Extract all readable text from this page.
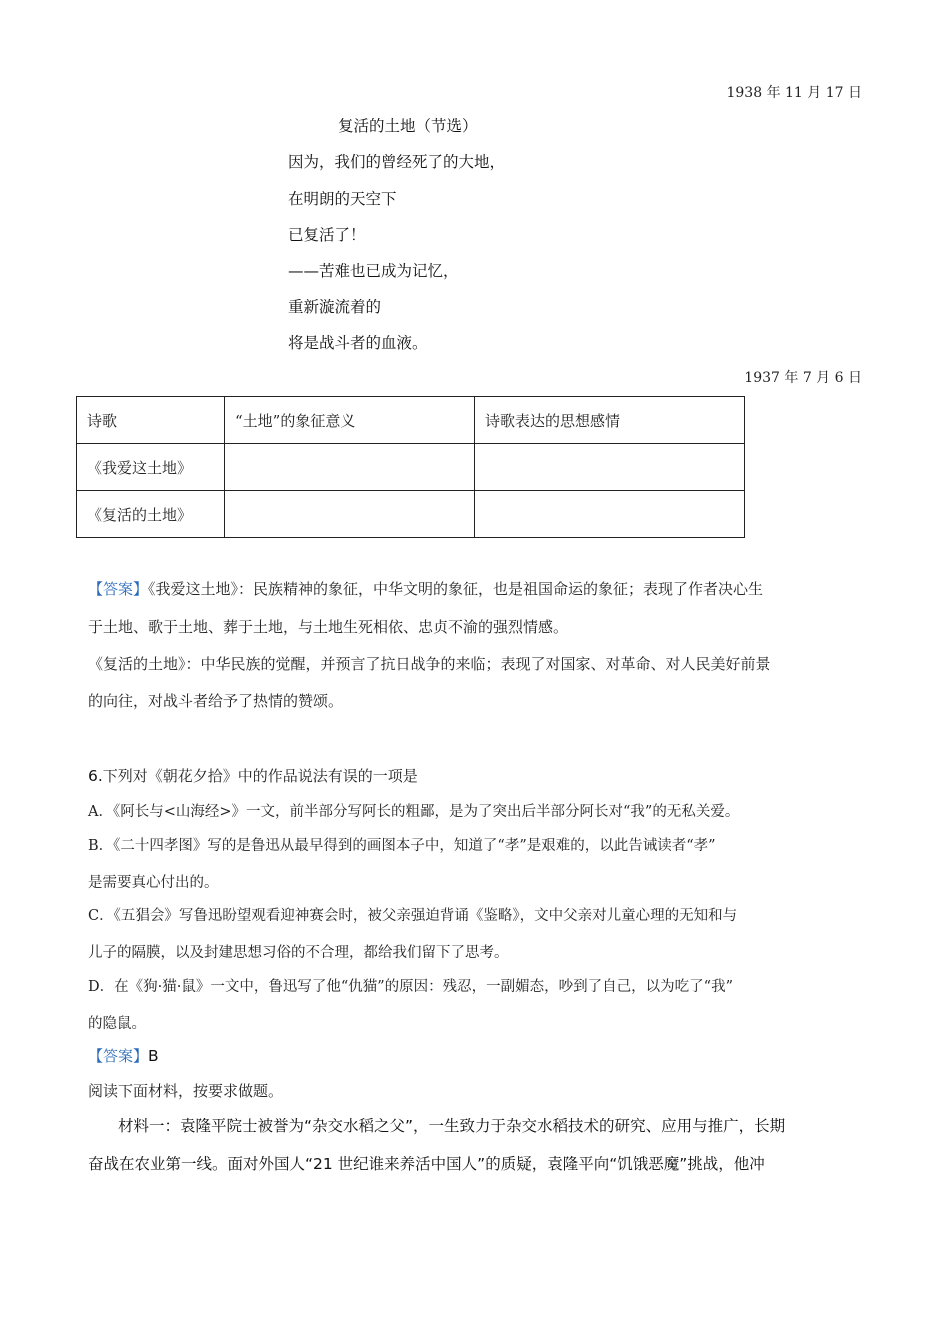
1938 年 11 月 17 日
复活的土地（节选）
因为，我们的曾经死了的大地，
在明朗的天空下
已复活了！
——苦难也已成为记忆，
重新漩流着的
将是战斗者的血液。
1937 年 7 月 6 日
诗歌	“土地”的象征意义	诗歌表达的思想感情
《我爱这土地》		
《复活的土地》		
【答案】《我爱这土地》：民族精神的象征，中华文明的象征，也是祖国命运的象征；表现了作者决心生
于土地、歌于土地、葬于土地，与土地生死相依、忠贞不渝的强烈情感。
《复活的土地》：中华民族的觉醒，并预言了抗日战争的来临；表现了对国家、对革命、对人民美好前景
的向往，对战斗者给予了热情的赞颂。
6.下列对《朝花夕拾》中的作品说法有误的一项是
A．《阿长与<山海经>》一文，前半部分写阿长的粗鄙，是为了突出后半部分阿长对“我”的无私关爱。
B．《二十四孝图》写的是鲁迅从最早得到的画图本子中，知道了“孝”是艰难的，以此告诫读者“孝”
是需要真心付出的。
C．《五猖会》写鲁迅盼望观看迎神赛会时，被父亲强迫背诵《鉴略》，文中父亲对儿童心理的无知和与
儿子的隔膜，以及封建思想习俗的不合理，都给我们留下了思考。
D．在《狗·猫·鼠》一文中，鲁迅写了他“仇猫”的原因：残忍，一副媚态，吵到了自己，以为吃了“我”
的隐鼠。
【答案】B
阅读下面材料，按要求做题。
材料一：袁隆平院士被誉为“杂交水稻之父”，一生致力于杂交水稻技术的研究、应用与推广，长期
奋战在农业第一线。面对外国人“21 世纪谁来养活中国人”的质疑，袁隆平向“饥饿恶魔”挑战，他冲
